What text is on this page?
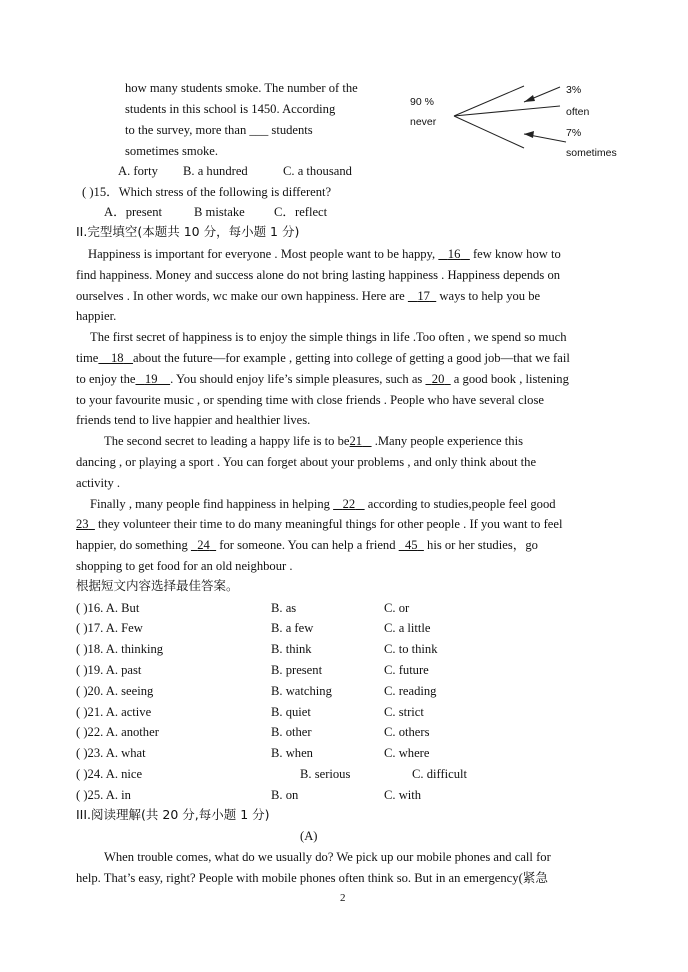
how many students smoke. The number of the
students in this school is 1450. According
to the survey, more than ___ students
sometimes smoke.
A. forty B. a hundred	C. a thousand
90 %
never
3%
often
7%
sometimes
( )15．Which stress of the following is different?
A．present	B mistake C．reflect
II.完型填空(本题共 10 分，每小题 1 分)
Happiness is important for everyone . Most people want to be happy,    16    few know how to
find happiness. Money and success alone do not bring lasting happiness . Happiness depends on
ourselves . In other words, wc make our own happiness. Here are    17   ways to help you be
happier.
The first secret of happiness is to enjoy the simple things in life .Too often , we spend so much
time 18 about the future—for example , getting into college of getting a good job—that we fail
to enjoy the 19 . You should enjoy life’s simple pleasures, such as   20   a good book , listening
to your favourite music , or spending time with close friends . People who have several close
friends tend to live happier and healthier lives.
The second secret to leading a happy life is to be21    .Many people experience this
dancing , or playing a sport . You can forget about your problems , and only think about the
activity .
Finally , many people find happiness in helping    22    according to studies,people feel good
23   they volunteer their time to do many meaningful things for other people . If you want to feel
happier, do something   24   for someone. You can help a friend   45   his or her studies，go
shopping to get food for an old neighbour .
根据短文内容选择最佳答案。
( )16. A. But	B. as	C. or
( )17. A. Few	B. a few	C. a little
( )18. A. thinking	B. think	C. to think
( )19. A. past	B. present	C. future
( )20. A. seeing	B. watching	C. reading
( )21. A. active	B. quiet	C. strict
( )22. A. another	B. other	C. others
( )23. A. what	B. when	C. where
( )24. A. nice	B. serious	C. difficult
( )25. A. in	B. on	C. with
III.阅读理解(共 20 分,每小题 1 分)
(A)
When trouble comes, what do we usually do? We pick up our mobile phones and call for
help. That’s easy, right? People with mobile phones often think so. But in an emergency(紧急
2
